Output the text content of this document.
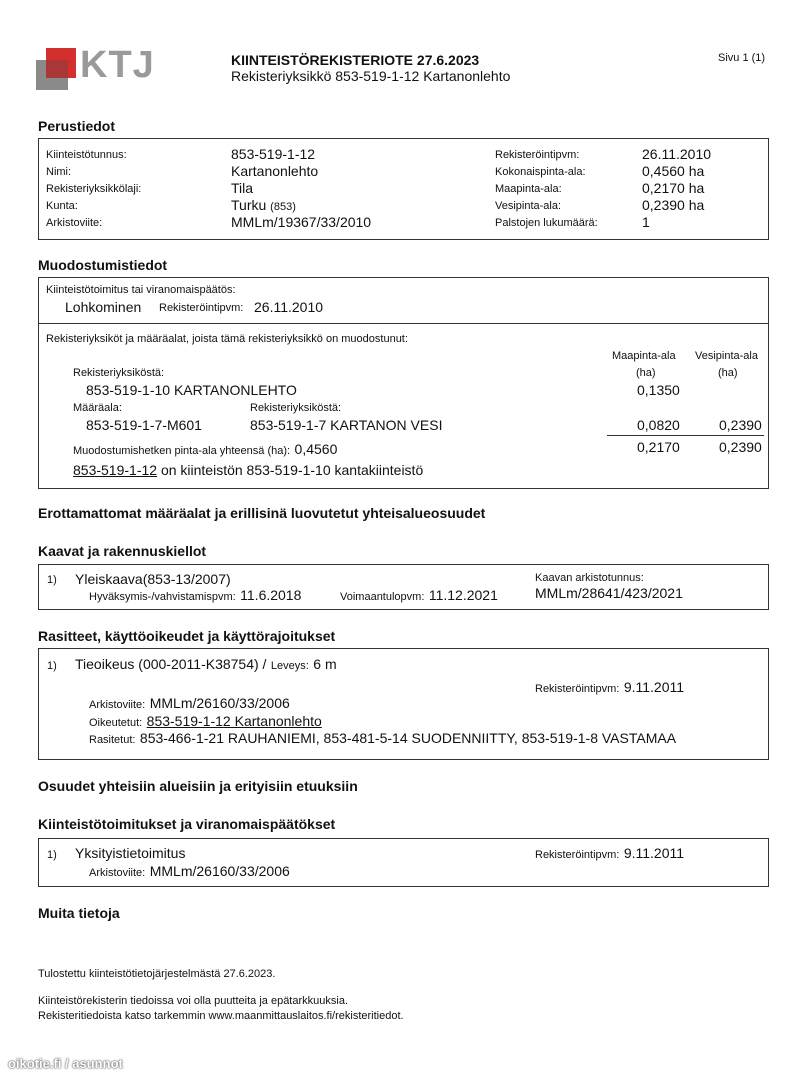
KTJ	KIINTEISTÖREKISTERIOTE 27.6.2023
Rekisteriyksikkö 853-519-1-12 Kartanonlehto
Sivu 1 (1)
Perustiedot
Kiinteistötunnus:	853-519-1-12
Nimi:	Kartanonlehto
Rekisteriyksikkölaji:	Tila
Kunta:	Turku (853)
Arkistoviite:	MMLm/19367/33/2010
Rekisteröintipvm:	26.11.2010
Kokonaispinta-ala:	0,4560 ha
Maapinta-ala:	0,2170 ha
Vesipinta-ala:	0,2390 ha
Palstojen lukumäärä:	1
Muodostumistiedot
Kiinteistötoimitus tai viranomaispäätös:
Lohkominen Rekisteröintipvm: 26.11.2010
Rekisteriyksiköt ja määräalat, joista tämä rekisteriyksikkö on muodostunut:
Maapinta-ala Vesipinta-ala
(ha)	(ha)
Rekisteriyksiköstä:
853-519-1-10 KARTANONLEHTO	0,1350
Määräala:
853-519-1-7-M601
Rekisteriyksiköstä:
853-519-1-7 KARTANON VESI	0,0820	0,2390
Muodostumishetken pinta-ala yhteensä (ha): 0,4560	0,2170	0,2390
853-519-1-12 on kiinteistön 853-519-1-10 kantakiinteistö
Erottamattomat määräalat ja erillisinä luovutetut yhteisalueosuudet
Kaavat ja rakennuskiellot
1) Yleiskaava(853-13/2007)
Hyväksymis-/vahvistamispvm: 11.6.2018	Voimaantulopvm: 11.12.2021
Kaavan arkistotunnus:
MMLm/28641/423/2021
Rasitteet, käyttöoikeudet ja käyttörajoitukset
1) Tieoikeus (000-2011-K38754) / Leveys: 6 m
Rekisteröintipvm: 9.11.2011
Arkistoviite: MMLm/26160/33/2006
Oikeutetut: 853-519-1-12 Kartanonlehto
Rasitetut: 853-466-1-21 RAUHANIEMI, 853-481-5-14 SUODENNIITTY, 853-519-1-8 VASTAMAA
Osuudet yhteisiin alueisiin ja erityisiin etuuksiin
Kiinteistötoimitukset ja viranomaispäätökset
1) Yksityistietoimitus
Arkistoviite: MMLm/26160/33/2006
Rekisteröintipvm: 9.11.2011
Muita tietoja
Tulostettu kiinteistötietojärjestelmästä 27.6.2023.
Kiinteistörekisterin tiedoissa voi olla puutteita ja epätarkkuuksia.
Rekisteritiedoista katso tarkemmin www.maanmittauslaitos.fi/rekisteritiedot.
oikotie.fi / asunnot
